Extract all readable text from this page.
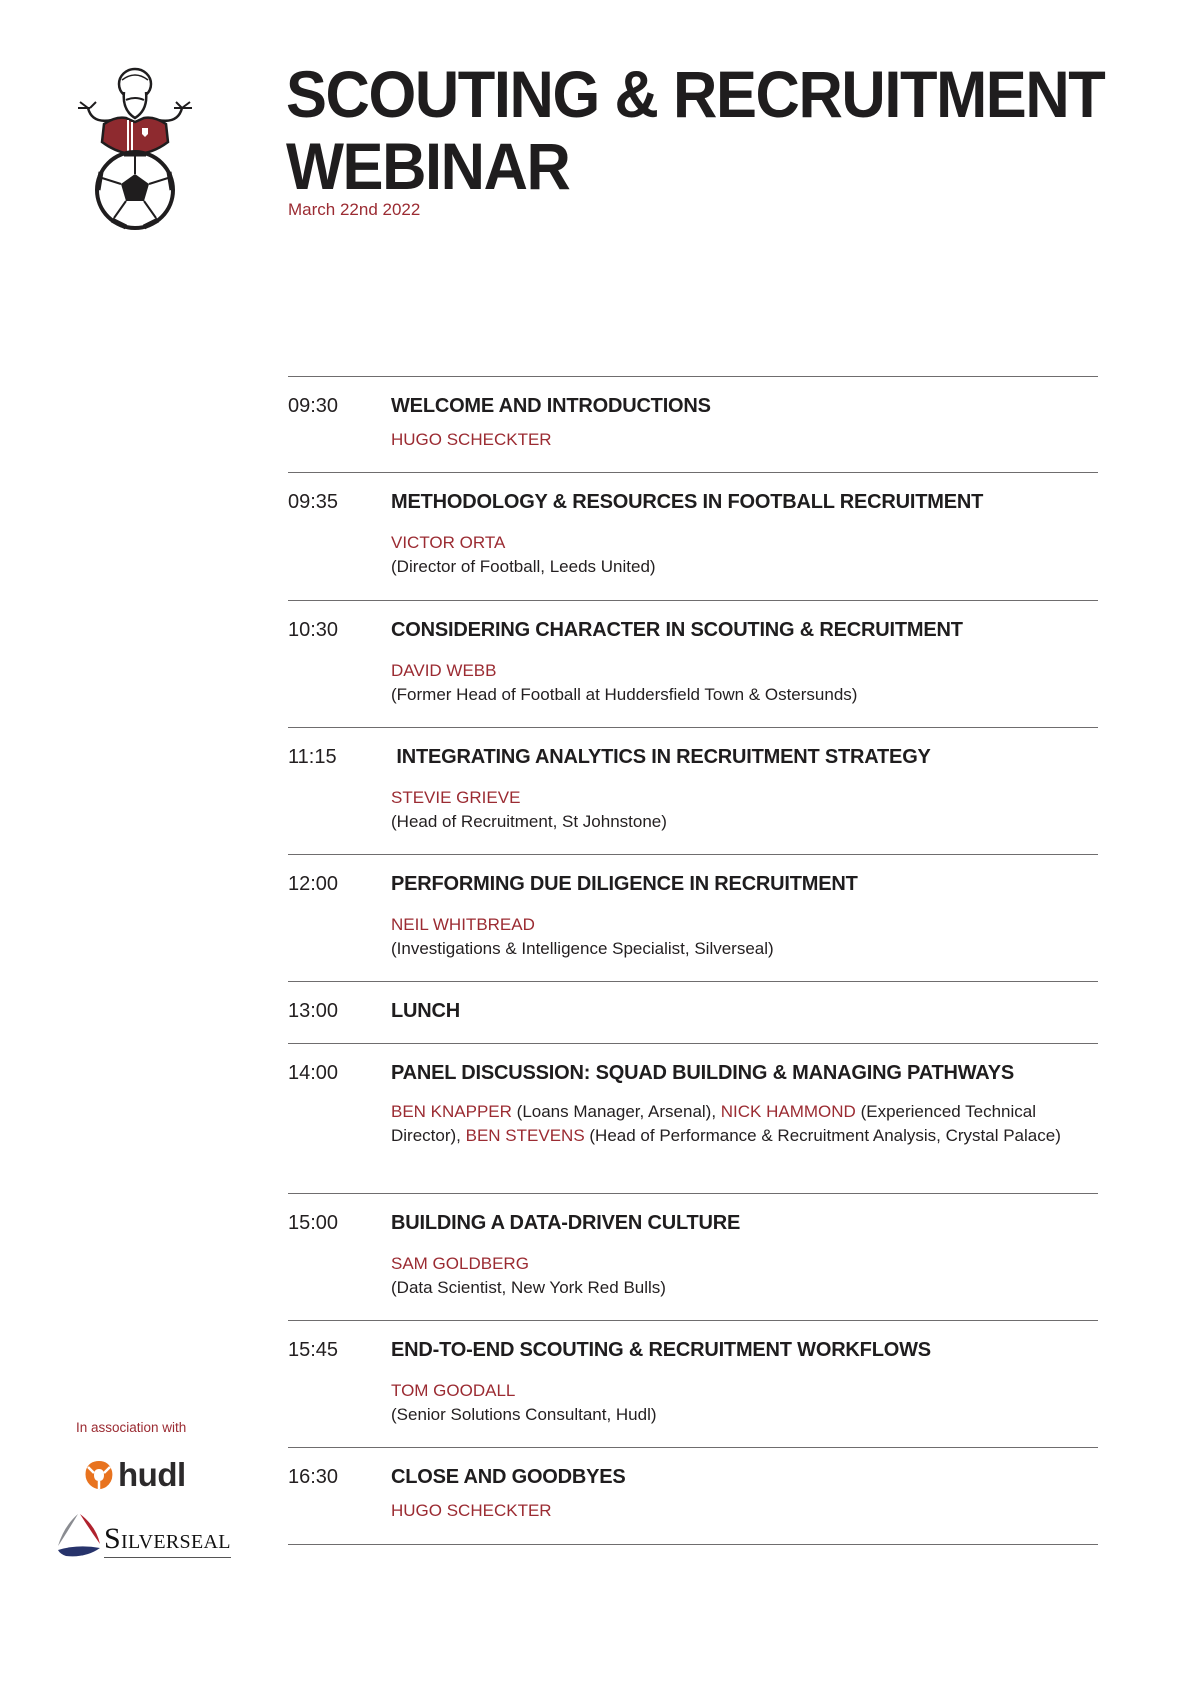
SCOUTING & RECRUITMENT
WEBINAR
March 22nd 2022
09:30	WELCOME AND INTRODUCTIONS
HUGO SCHECKTER
09:35	METHODOLOGY & RESOURCES IN FOOTBALL RECRUITMENT
VICTOR ORTA
(Director of Football, Leeds United)
10:30	CONSIDERING CHARACTER IN SCOUTING & RECRUITMENT
DAVID WEBB
(Former Head of Football at Huddersfield Town & Ostersunds)
11:15	INTEGRATING ANALYTICS IN RECRUITMENT STRATEGY
STEVIE GRIEVE
(Head of Recruitment, St Johnstone)
12:00	PERFORMING DUE DILIGENCE IN RECRUITMENT
NEIL WHITBREAD
(Investigations & Intelligence Specialist, Silverseal)
13:00	LUNCH
14:00	PANEL DISCUSSION: SQUAD BUILDING & MANAGING PATHWAYS
BEN KNAPPER (Loans Manager, Arsenal), NICK HAMMOND (Experienced Technical Director), BEN STEVENS (Head of Performance & Recruitment Analysis, Crystal Palace)
15:00	BUILDING A DATA-DRIVEN CULTURE
SAM GOLDBERG
(Data Scientist, New York Red Bulls)
15:45	END-TO-END SCOUTING & RECRUITMENT WORKFLOWS
TOM GOODALL
(Senior Solutions Consultant, Hudl)
16:30	CLOSE AND GOODBYES
HUGO SCHECKTER
In association with
hudl
SILVERSEAL
